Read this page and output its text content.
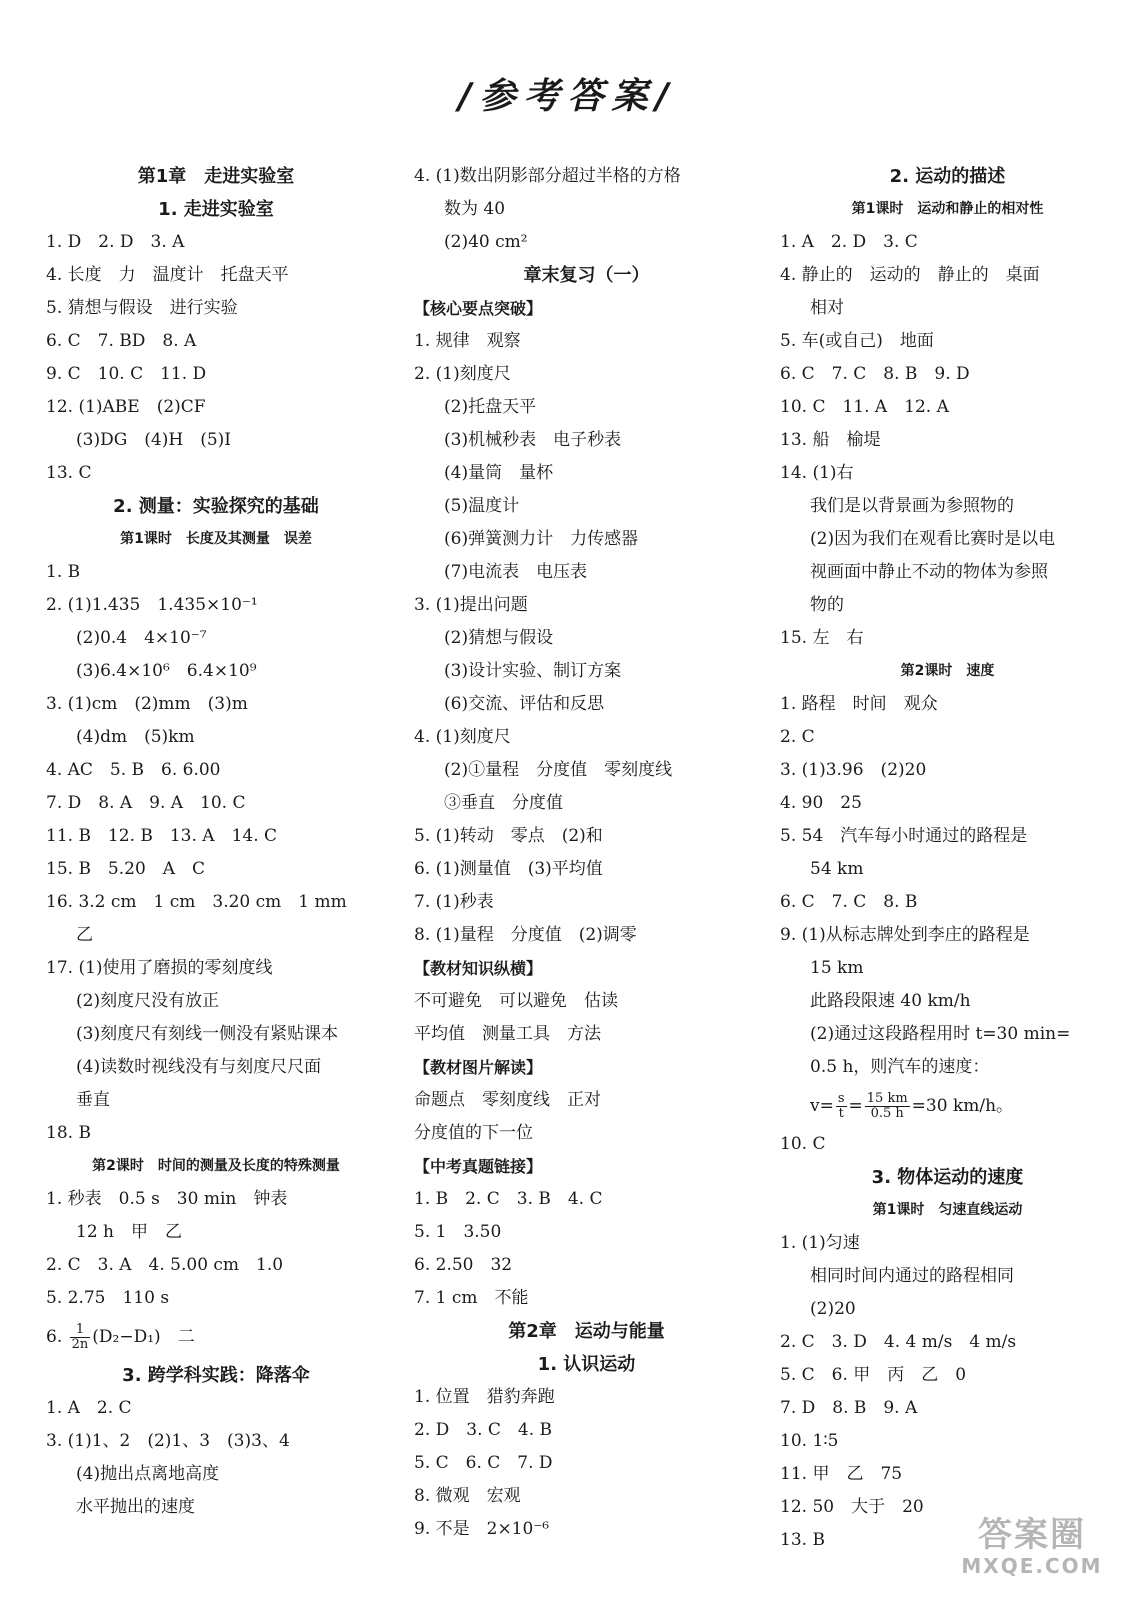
/参考答案/
第1章　走进实验室
1. 走进实验室
1. D　2. D　3. A
4. 长度　力　温度计　托盘天平
5. 猜想与假设　进行实验
6. C　7. BD　8. A
9. C　10. C　11. D
12. (1)ABE　(2)CF
(3)DG　(4)H　(5)I
13. C
2. 测量：实验探究的基础
第1课时　长度及其测量　误差
1. B
2. (1)1.435　1.435×10⁻¹
(2)0.4　4×10⁻⁷
(3)6.4×10⁶　6.4×10⁹
3. (1)cm　(2)mm　(3)m
(4)dm　(5)km
4. AC　5. B　6. 6.00
7. D　8. A　9. A　10. C
11. B　12. B　13. A　14. C
15. B　5.20　A　C
16. 3.2 cm　1 cm　3.20 cm　1 mm
乙
17. (1)使用了磨损的零刻度线
(2)刻度尺没有放正
(3)刻度尺有刻线一侧没有紧贴课本
(4)读数时视线没有与刻度尺尺面
垂直
18. B
第2课时　时间的测量及长度的特殊测量
1. 秒表　0.5 s　30 min　钟表
12 h　甲　乙
2. C　3. A　4. 5.00 cm　1.0
5. 2.75　110 s
6. $\frac{1}{2n} (D_2-D_1)$　二
3. 跨学科实践：降落伞
1. A　2. C
3. (1)1、2　(2)1、3　(3)3、4
(4)抛出点离地高度
水平抛出的速度
4. (1)数出阴影部分超过半格的方格
数为 40
(2)40 cm²
章末复习（一）
【核心要点突破】
1. 规律　观察
2. (1)刻度尺
(2)托盘天平
(3)机械秒表　电子秒表
(4)量筒　量杯
(5)温度计
(6)弹簧测力计　力传感器
(7)电流表　电压表
3. (1)提出问题
(2)猜想与假设
(3)设计实验、制订方案
(6)交流、评估和反思
4. (1)刻度尺
(2)①量程　分度值　零刻度线
③垂直　分度值
5. (1)转动　零点　(2)和
6. (1)测量值　(3)平均值
7. (1)秒表
8. (1)量程　分度值　(2)调零
【教材知识纵横】
不可避免　可以避免　估读
平均值　测量工具　方法
【教材图片解读】
命题点　零刻度线　正对
分度值的下一位
【中考真题链接】
1. B　2. C　3. B　4. C
5. 1　3.50
6. 2.50　32
7. 1 cm　不能
第2章　运动与能量
1. 认识运动
1. 位置　猎豹奔跑
2. D　3. C　4. B
5. C　6. C　7. D
8. 微观　宏观
9. 不是　2×10⁻⁶
2. 运动的描述
第1课时　运动和静止的相对性
1. A　2. D　3. C
4. 静止的　运动的　静止的　桌面
相对
5. 车(或自己)　地面
6. C　7. C　8. B　9. D
10. C　11. A　12. A
13. 船　榆堤
14. (1)右
我们是以背景画为参照物的
(2)因为我们在观看比赛时是以电
视画面中静止不动的物体为参照
物的
15. 左　右
第2课时　速度
1. 路程　时间　观众
2. C
3. (1)3.96　(2)20
4. 90　25
5. 54　汽车每小时通过的路程是
54 km
6. C　7. C　8. B
9. (1)从标志牌处到李庄的路程是
15 km
此路段限速 40 km/h
(2)通过这段路程用时 t=30 min=
0.5 h，则汽车的速度：
$v= \frac{s}{t} = \frac{15 km}{0.5 h} =30$ km/h。
10. C
3. 物体运动的速度
第1课时　匀速直线运动
1. (1)匀速
相同时间内通过的路程相同
(2)20
2. C　3. D　4. 4 m/s　4 m/s
5. C　6. 甲　丙　乙　0
7. D　8. B　9. A
10. 1∶5
11. 甲　乙　75
12. 50　大于　20
13. B	答案圈
MXQE.COM
